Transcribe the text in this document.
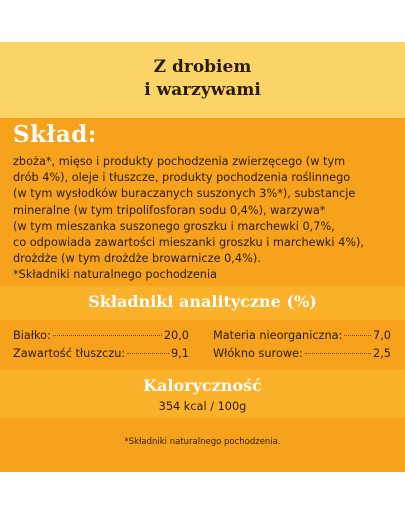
Z drobiem
i warzywami
Skład:
zboża*, mięso i produkty pochodzenia zwierzęcego (w tym
drób 4%), oleje i tłuszcze, produkty pochodzenia roślinnego
(w tym wysłodków buraczanych suszonych 3%*), substancje
mineralne (w tym tripolifosforan sodu 0,4%), warzywa*
(w tym mieszanka suszonego groszku i marchewki 0,7%,
co odpowiada zawartości mieszanki groszku i marchewki 4%),
drożdże (w tym drożdże browarnicze 0,4%).
*Składniki naturalnego pochodzenia
Składniki analityczne (%)
Białko:	20,0
Zawartość tłuszczu:	9,1
Materia nieorganiczna:	7,0
Włókno surowe:	2,5
Kaloryczność
354 kcal / 100g
*Składniki naturalnego pochodzenia.
